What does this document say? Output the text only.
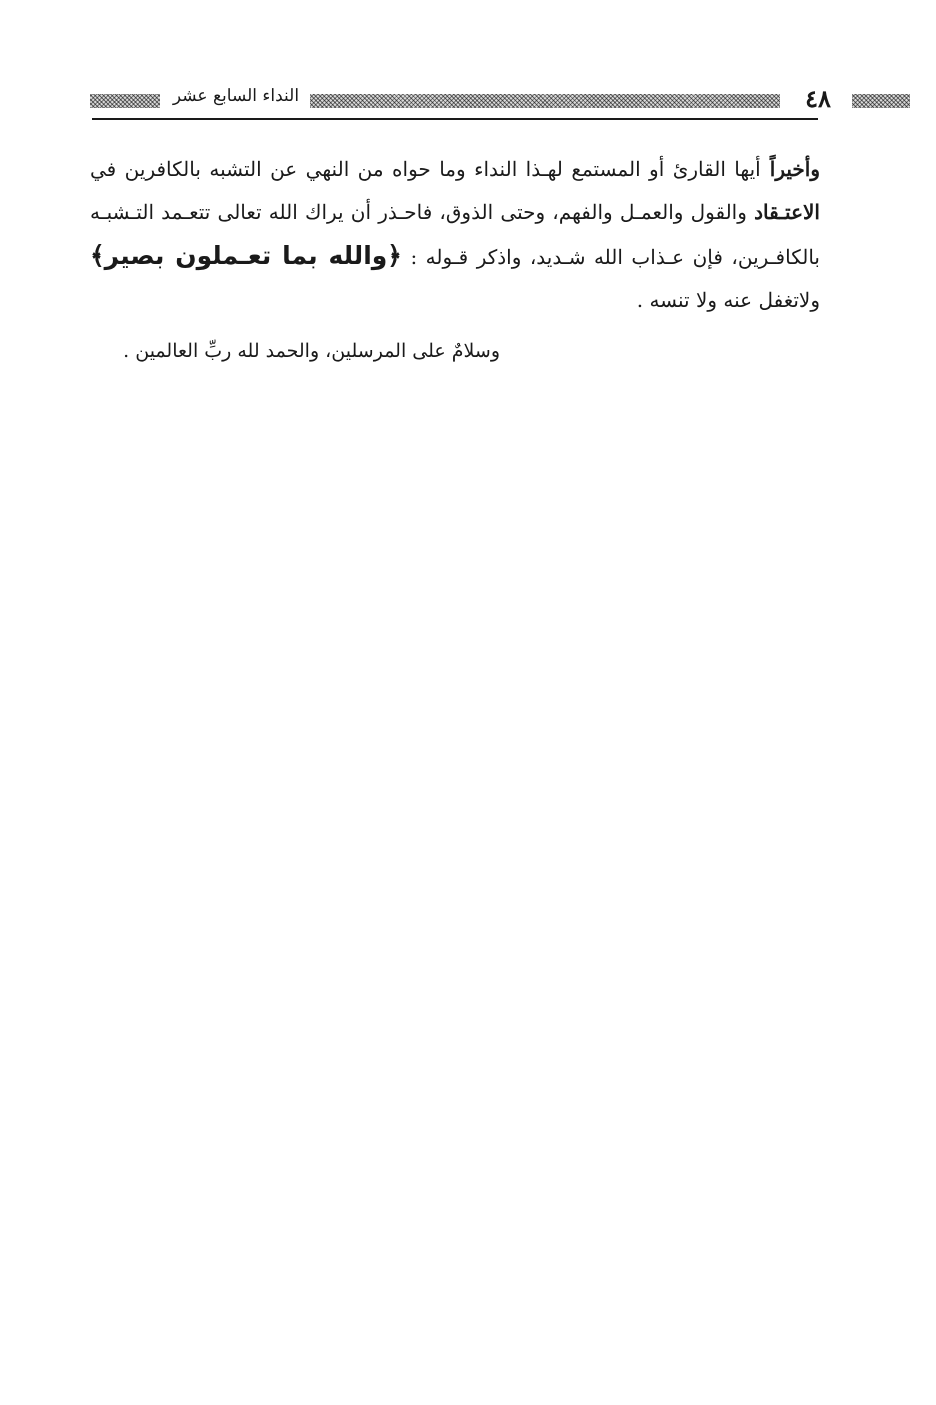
النداء السابع عشر	٤٨

وأخيراً أيها القارئ أو المستمع لهـذا النداء وما حواه من النهي عن التشبه بالكافرين في الاعتـقاد والقول والعمـل والفهم، وحتى الذوق، فاحـذر أن يراك الله تعالى تتعـمد التـشبـه بالكافـرين، فإن عـذاب الله شـديد، واذكر قـوله : ﴿والله بما تعـملون بصير﴾ ولاتغفل عنه ولا تنسه .

وسلامٌ على المرسلين، والحمد لله ربِّ العالمين .
